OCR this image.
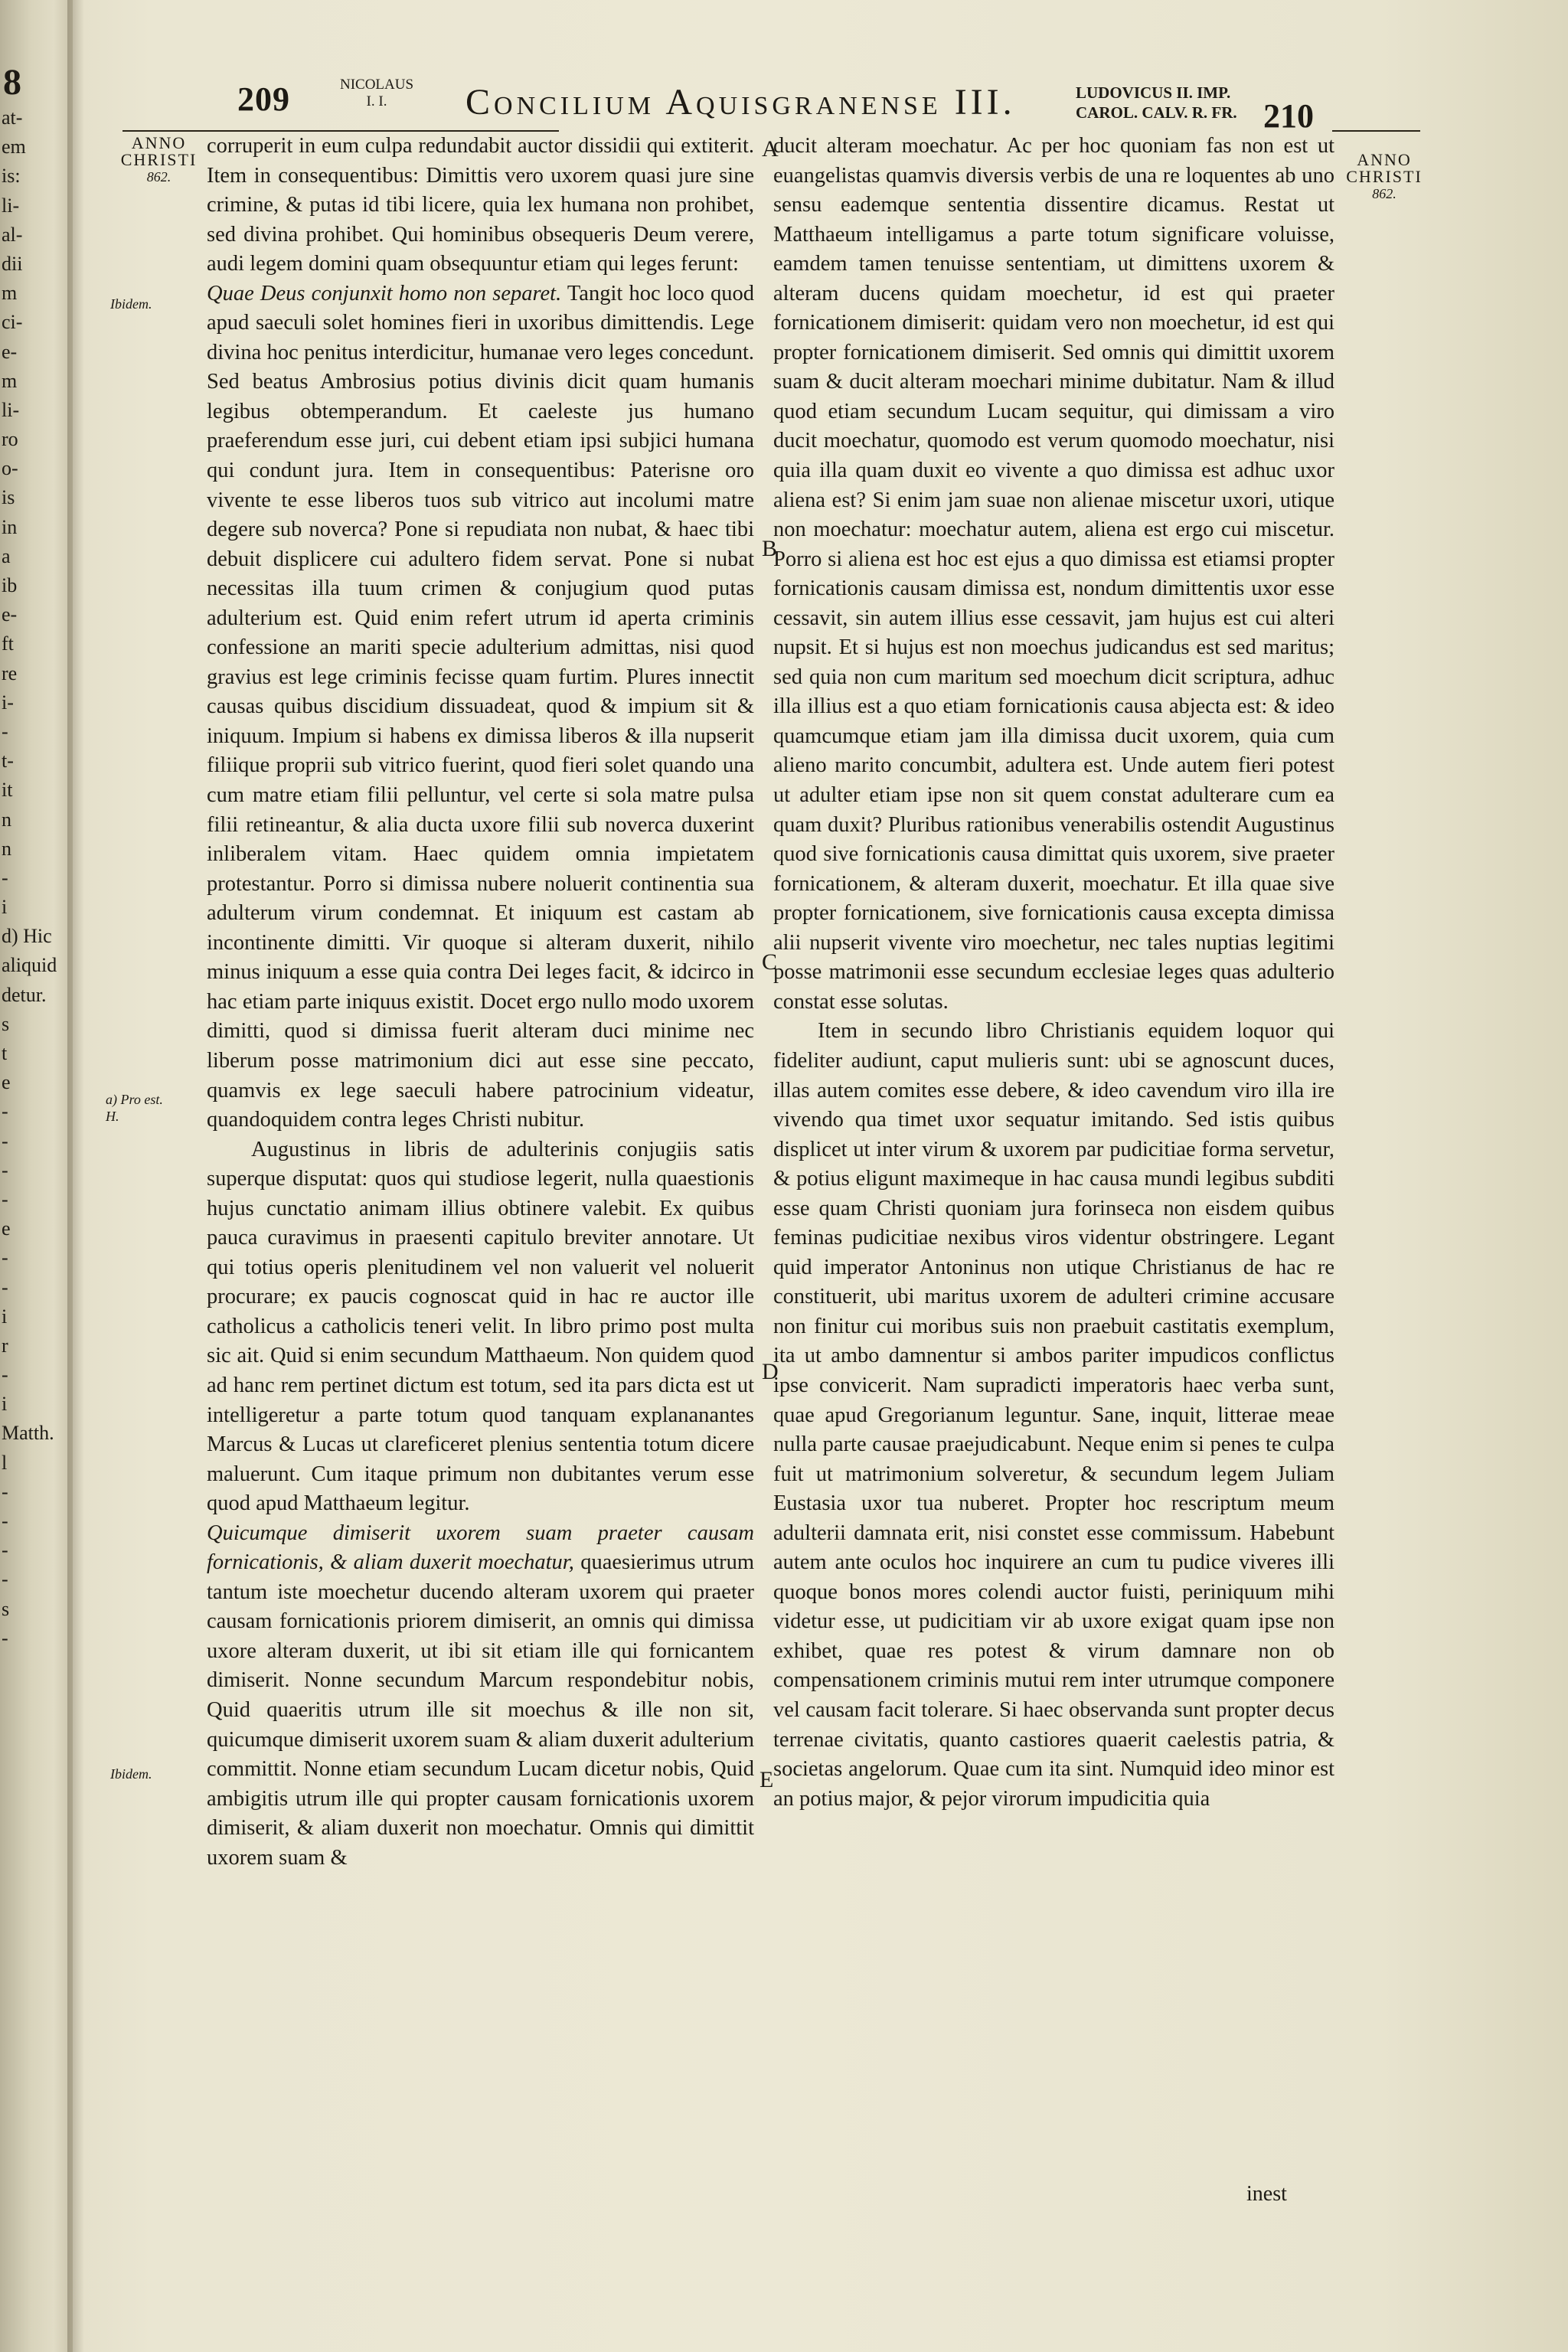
8
at-
em
is:
li-
al-
dii
m
ci-
e-
m
li-
ro
o-
is
in
a
ib
e-
ft
re
i-
-
t-
it
n
n
-
i
d) Hic
aliquid
detur.
s
t
e
-
-
-
-
e
-
-
i
r
-
i
Matth.
l
-
-
-
-
s
-
209	NICOLAUS
I. I.	Concilium Aquisgranense III.	LUDOVICUS II. IMP.
CAROL. CALV. R. FR. 210
ANNO
CHRISTI
862.
ANNO
CHRISTI
862.
Ibidem.
a) Pro est.
H.
Ibidem.
A
B
C
D
E

corruperit in eum culpa redundabit auctor dissidii qui extiterit. Item in consequentibus: Dimittis vero uxorem quasi jure sine crimine, & putas id tibi licere, quia lex humana non prohibet, sed divina prohibet. Qui hominibus obsequeris Deum verere, audi legem domini quam obsequuntur etiam qui leges ferunt:

Quae Deus conjunxit homo non separet. Tangit hoc loco quod apud saeculi solet homines fieri in uxoribus dimittendis. Lege divina hoc penitus interdicitur, humanae vero leges concedunt. Sed beatus Ambrosius potius divinis dicit quam humanis legibus obtemperandum. Et caeleste jus humano praeferendum esse juri, cui debent etiam ipsi subjici humana qui condunt jura. Item in consequentibus: Paterisne oro vivente te esse liberos tuos sub vitrico aut incolumi matre degere sub noverca? Pone si repudiata non nubat, & haec tibi debuit displicere cui adultero fidem servat. Pone si nubat necessitas illa tuum crimen & conjugium quod putas adulterium est. Quid enim refert utrum id aperta criminis confessione an mariti specie adulterium admittas, nisi quod gravius est lege criminis fecisse quam furtim. Plures innectit causas quibus discidium dissuadeat, quod & impium sit & iniquum. Impium si habens ex dimissa liberos & illa nupserit filiique proprii sub vitrico fuerint, quod fieri solet quando una cum matre etiam filii pelluntur, vel certe si sola matre pulsa filii retineantur, & alia ducta uxore filii sub noverca duxerint inliberalem vitam. Haec quidem omnia impietatem protestantur. Porro si dimissa nubere noluerit continentia sua adulterum virum condemnat. Et iniquum est castam ab incontinente dimitti. Vir quoque si alteram duxerit, nihilo minus iniquum a esse quia contra Dei leges facit, & idcirco in hac etiam parte iniquus existit. Docet ergo nullo modo uxorem dimitti, quod si dimissa fuerit alteram duci minime nec liberum posse matrimonium dici aut esse sine peccato, quamvis ex lege saeculi habere patrocinium videatur, quandoquidem contra leges Christi nubitur.

Augustinus in libris de adulterinis conjugiis satis superque disputat: quos qui studiose legerit, nulla quaestionis hujus cunctatio animam illius obtinere valebit. Ex quibus pauca curavimus in praesenti capitulo breviter annotare. Ut qui totius operis plenitudinem vel non valuerit vel noluerit procurare; ex paucis cognoscat quid in hac re auctor ille catholicus a catholicis teneri velit. In libro primo post multa sic ait. Quid si enim secundum Matthaeum. Non quidem quod ad hanc rem pertinet dictum est totum, sed ita pars dicta est ut intelligeretur a parte totum quod tanquam explananantes Marcus & Lucas ut clareficeret plenius sententia totum dicere maluerunt. Cum itaque primum non dubitantes verum esse quod apud Matthaeum legitur.

Quicumque dimiserit uxorem suam praeter causam fornicationis, & aliam duxerit moechatur, quaesierimus utrum tantum iste moechetur ducendo alteram uxorem qui praeter causam fornicationis priorem dimiserit, an omnis qui dimissa uxore alteram duxerit, ut ibi sit etiam ille qui fornicantem dimiserit. Nonne secundum Marcum respondebitur nobis, Quid quaeritis utrum ille sit moechus & ille non sit, quicumque dimiserit uxorem suam & aliam duxerit adulterium committit. Nonne etiam secundum Lucam dicetur nobis, Quid ambigitis utrum ille qui propter causam fornicationis uxorem dimiserit, & aliam duxerit non moechatur. Omnis qui dimittit uxorem suam &

ducit alteram moechatur. Ac per hoc quoniam fas non est ut euangelistas quamvis diversis verbis de una re loquentes ab uno sensu eademque sententia dissentire dicamus. Restat ut Matthaeum intelligamus a parte totum significare voluisse, eamdem tamen tenuisse sententiam, ut dimittens uxorem & alteram ducens quidam moechetur, id est qui praeter fornicationem dimiserit: quidam vero non moechetur, id est qui propter fornicationem dimiserit. Sed omnis qui dimittit uxorem suam & ducit alteram moechari minime dubitatur. Nam & illud quod etiam secundum Lucam sequitur, qui dimissam a viro ducit moechatur, quomodo est verum quomodo moechatur, nisi quia illa quam duxit eo vivente a quo dimissa est adhuc uxor aliena est? Si enim jam suae non alienae miscetur uxori, utique non moechatur: moechatur autem, aliena est ergo cui miscetur. Porro si aliena est hoc est ejus a quo dimissa est etiamsi propter fornicationis causam dimissa est, nondum dimittentis uxor esse cessavit, sin autem illius esse cessavit, jam hujus est cui alteri nupsit. Et si hujus est non moechus judicandus est sed maritus; sed quia non cum maritum sed moechum dicit scriptura, adhuc illa illius est a quo etiam fornicationis causa abjecta est: & ideo quamcumque etiam jam illa dimissa ducit uxorem, quia cum alieno marito concumbit, adultera est. Unde autem fieri potest ut adulter etiam ipse non sit quem constat adulterare cum ea quam duxit? Pluribus rationibus venerabilis ostendit Augustinus quod sive fornicationis causa dimittat quis uxorem, sive praeter fornicationem, & alteram duxerit, moechatur. Et illa quae sive propter fornicationem, sive fornicationis causa excepta dimissa alii nupserit vivente viro moechetur, nec tales nuptias legitimi posse matrimonii esse secundum ecclesiae leges quas adulterio constat esse solutas.

Item in secundo libro Christianis equidem loquor qui fideliter audiunt, caput mulieris sunt: ubi se agnoscunt duces, illas autem comites esse debere, & ideo cavendum viro illa ire vivendo qua timet uxor sequatur imitando. Sed istis quibus displicet ut inter virum & uxorem par pudicitiae forma servetur, & potius eligunt maximeque in hac causa mundi legibus subditi esse quam Christi quoniam jura forinseca non eisdem quibus feminas pudicitiae nexibus viros videntur obstringere. Legant quid imperator Antoninus non utique Christianus de hac re constituerit, ubi maritus uxorem de adulteri crimine accusare non finitur cui moribus suis non praebuit castitatis exemplum, ita ut ambo damnentur si ambos pariter impudicos conflictus ipse convicerit. Nam supradicti imperatoris haec verba sunt, quae apud Gregorianum leguntur. Sane, inquit, litterae meae nulla parte causae praejudicabunt. Neque enim si penes te culpa fuit ut matrimonium solveretur, & secundum legem Juliam Eustasia uxor tua nuberet. Propter hoc rescriptum meum adulterii damnata erit, nisi constet esse commissum. Habebunt autem ante oculos hoc inquirere an cum tu pudice viveres illi quoque bonos mores colendi auctor fuisti, periniquum mihi videtur esse, ut pudicitiam vir ab uxore exigat quam ipse non exhibet, quae res potest & virum damnare non ob compensationem criminis mutui rem inter utrumque componere vel causam facit tolerare. Si haec observanda sunt propter decus terrenae civitatis, quanto castiores quaerit caelestis patria, & societas angelorum. Quae cum ita sint. Numquid ideo minor est an potius major, & pejor virorum impudicitia quia

inest
